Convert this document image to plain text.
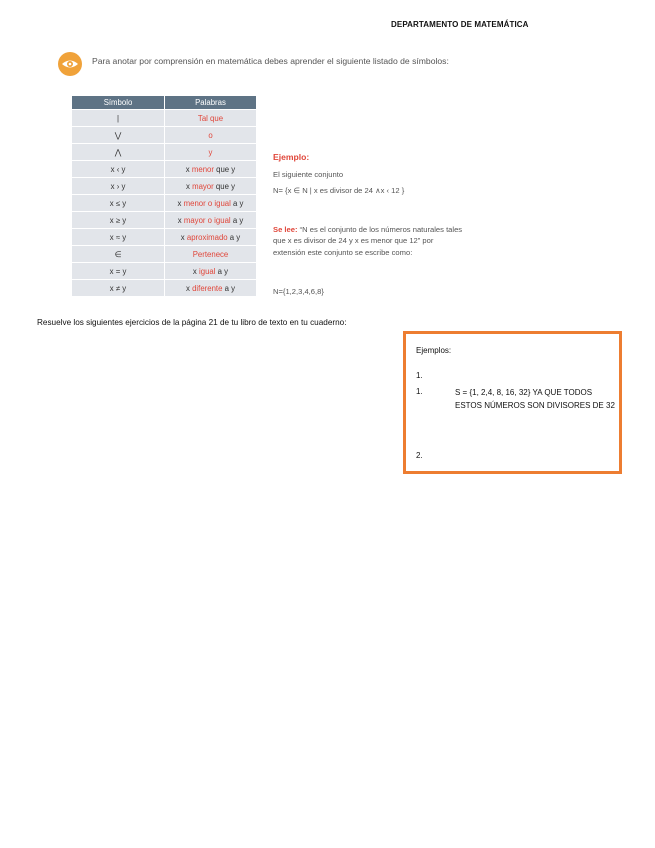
DEPARTAMENTO DE MATEMÁTICA
Para anotar por comprensión en matemática debes aprender el siguiente listado de símbolos:
Símbolo	Palabras
|	Tal que
⋁	o
⋀	y
x ‹ y	x menor que y
x › y	x mayor que y
x ≤ y	x menor o igual a y
x ≥ y	x mayor o igual a y
x ≈ y	x aproximado a y
∈	Pertenece
x = y	x igual a y
x ≠ y	x diferente a y
Ejemplo:
El siguiente conjunto
N= {x ∈ N | x es divisor de 24 ∧x ‹ 12 }
Se lee: “N es el conjunto de los números naturales tales que x es divisor de 24 y x es menor que 12” por extensión este conjunto se escribe como:
N={1,2,3,4,6,8}
Resuelve los siguientes ejercicios de la página 21 de tu libro de texto en tu cuaderno:
Ejemplos:
1.
1.	S = {1, 2,4, 8, 16, 32} YA QUE TODOS ESTOS NÚMEROS SON DIVISORES DE 32
2.
